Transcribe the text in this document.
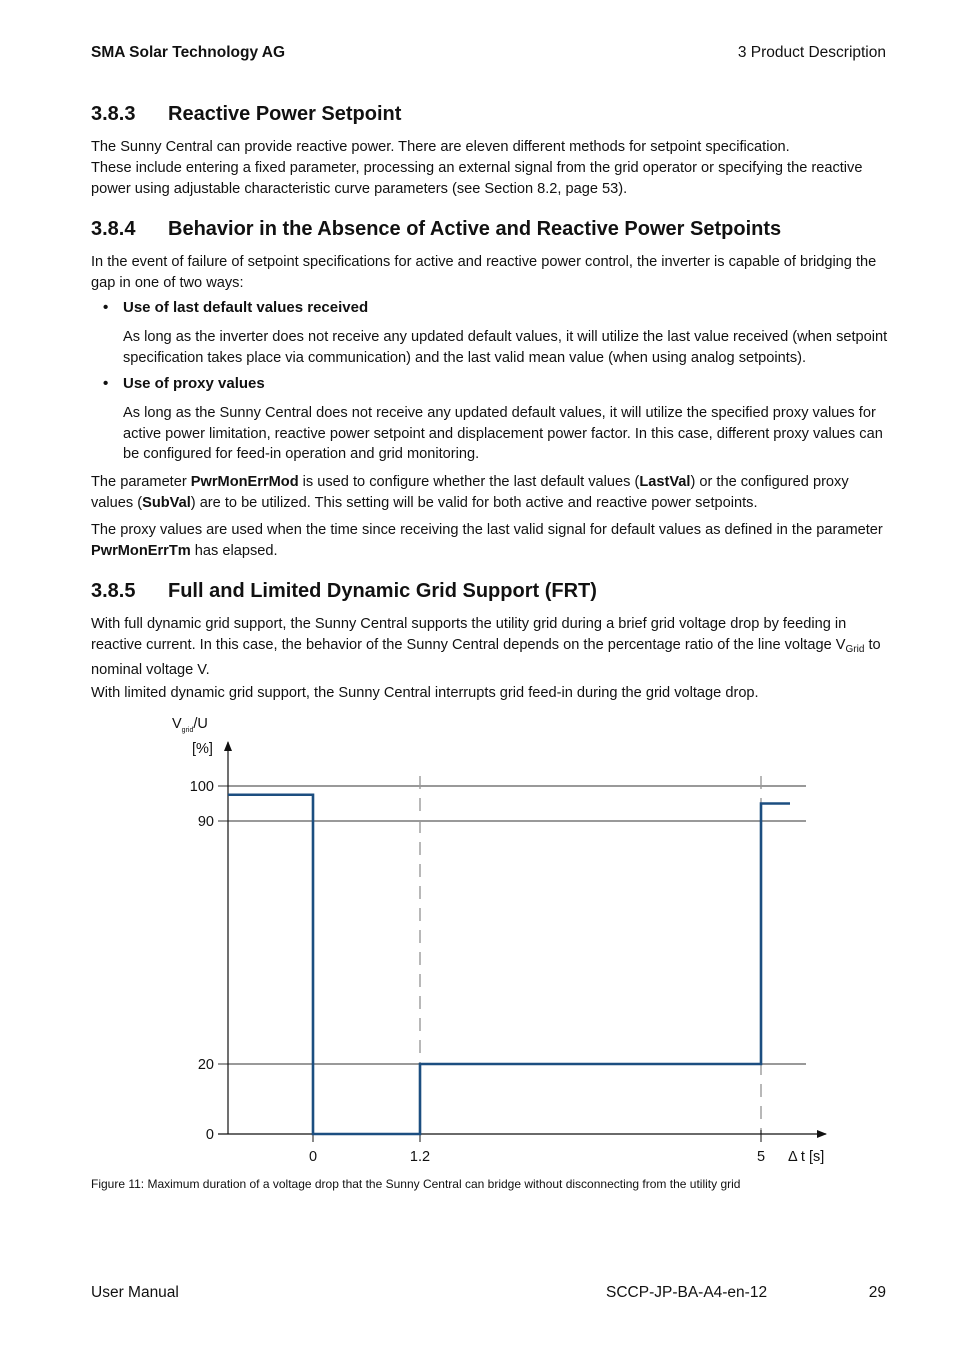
SMA Solar Technology AG	3 Product Description
3.8.3 Reactive Power Setpoint

The Sunny Central can provide reactive power. There are eleven different methods for setpoint specification.

These include entering a fixed parameter, processing an external signal from the grid operator or specifying the reactive power using adjustable characteristic curve parameters (see Section 8.2, page 53).

3.8.4 Behavior in the Absence of Active and Reactive Power Setpoints

In the event of failure of setpoint specifications for active and reactive power control, the inverter is capable of bridging the gap in one of two ways:

• Use of last default values received

As long as the inverter does not receive any updated default values, it will utilize the last value received (when setpoint specification takes place via communication) and the last valid mean value (when using analog setpoints).

• Use of proxy values

As long as the Sunny Central does not receive any updated default values, it will utilize the specified proxy values for active power limitation, reactive power setpoint and displacement power factor. In this case, different proxy values can be configured for feed-in operation and grid monitoring.

The parameter PwrMonErrMod is used to configure whether the last default values (LastVal) or the configured proxy values (SubVal) are to be utilized. This setting will be valid for both active and reactive power setpoints.

The proxy values are used when the time since receiving the last valid signal for default values as defined in the parameter PwrMonErrTm has elapsed.

3.8.5 Full and Limited Dynamic Grid Support (FRT)

With full dynamic grid support, the Sunny Central supports the utility grid during a brief grid voltage drop by feeding in reactive current. In this case, the behavior of the Sunny Central depends on the percentage ratio of the line voltage $V_{Grid}$ to nominal voltage V.

With limited dynamic grid support, the Sunny Central interrupts grid feed-in during the grid voltage drop.

0
20
90
100
0	1.2	5
$V_{grid}/U$
[%]
Δ t [s]
Figure 11: Maximum duration of a voltage drop that the Sunny Central can bridge without disconnecting from the utility grid
User Manual	SCCP-JP-BA-A4-en-12	29
